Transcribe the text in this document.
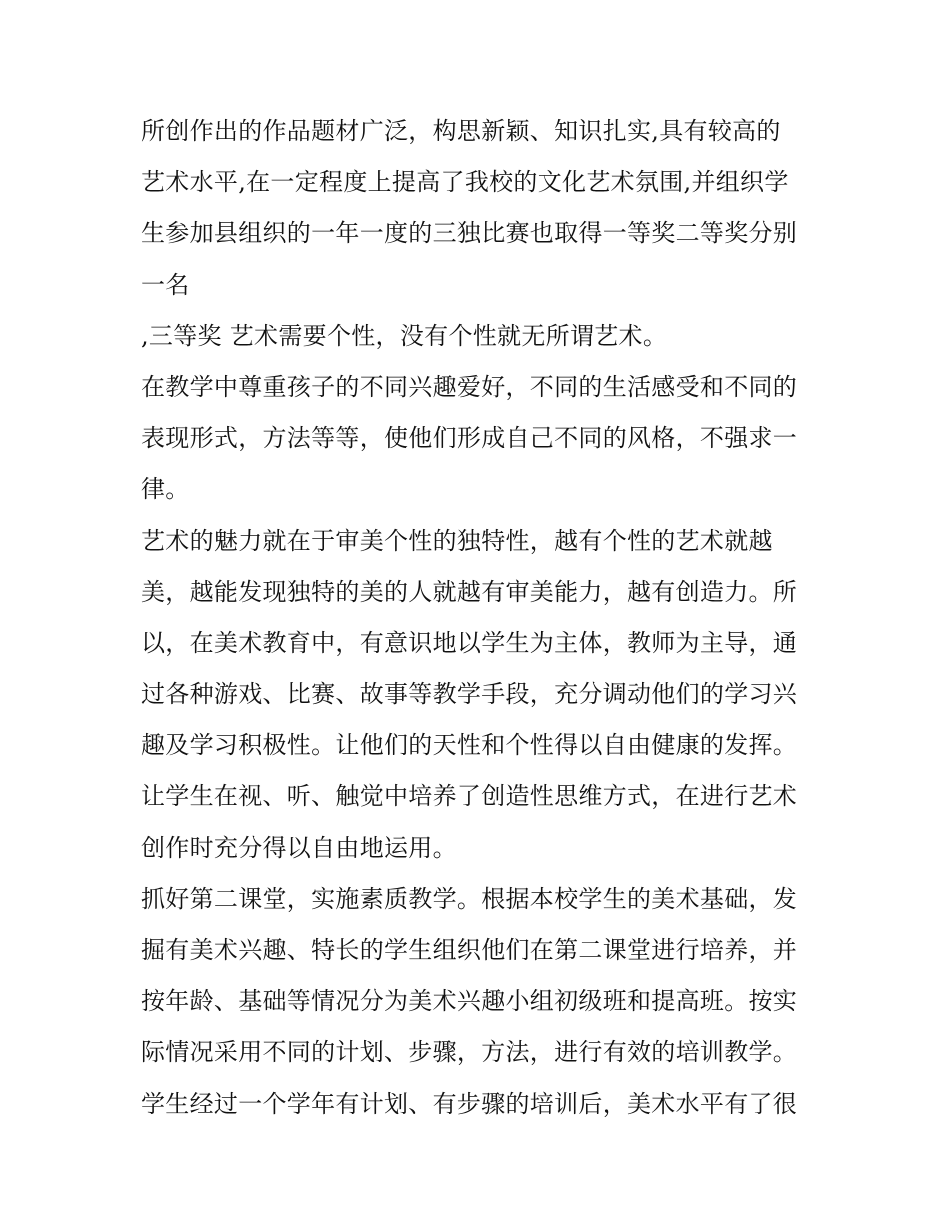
所创作出的作品题材广泛，构思新颖、知识扎实,具有较高的
艺术水平,在一定程度上提高了我校的文化艺术氛围,并组织学
生参加县组织的一年一度的三独比赛也取得一等奖二等奖分别
一名
,三等奖 艺术需要个性，没有个性就无所谓艺术。
在教学中尊重孩子的不同兴趣爱好，不同的生活感受和不同的
表现形式，方法等等，使他们形成自己不同的风格，不强求一
律。
艺术的魅力就在于审美个性的独特性，越有个性的艺术就越
美，越能发现独特的美的人就越有审美能力，越有创造力。所
以，在美术教育中，有意识地以学生为主体，教师为主导，通
过各种游戏、比赛、故事等教学手段，充分调动他们的学习兴
趣及学习积极性。让他们的天性和个性得以自由健康的发挥。
让学生在视、听、触觉中培养了创造性思维方式，在进行艺术
创作时充分得以自由地运用。
抓好第二课堂，实施素质教学。根据本校学生的美术基础，发
掘有美术兴趣、特长的学生组织他们在第二课堂进行培养，并
按年龄、基础等情况分为美术兴趣小组初级班和提高班。按实
际情况采用不同的计划、步骤，方法，进行有效的培训教学。
学生经过一个学年有计划、有步骤的培训后，美术水平有了很
